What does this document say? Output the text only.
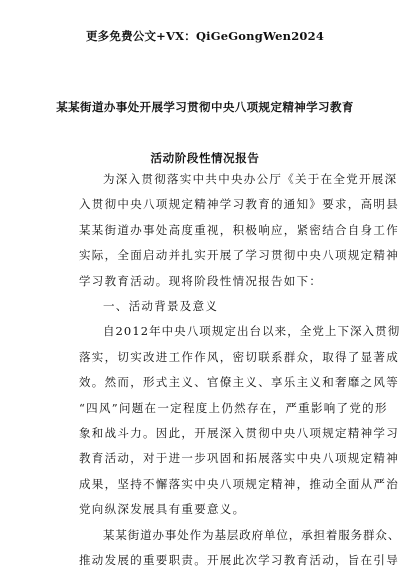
更多免费公文+VX：QiGeGongWen2024
某某街道办事处开展学习贯彻中央八项规定精神学习教育
活动阶段性情况报告
为深入贯彻落实中共中央办公厅《关于在全党开展深
入贯彻中央八项规定精神学习教育的通知》要求，高明县
某某街道办事处高度重视，积极响应，紧密结合自身工作
实际，全面启动并扎实开展了学习贯彻中央八项规定精神
学习教育活动。现将阶段性情况报告如下：
一、活动背景及意义
自2012年中央八项规定出台以来，全党上下深入贯彻
落实，切实改进工作作风，密切联系群众，取得了显著成
效。然而，形式主义、官僚主义、享乐主义和奢靡之风等
“四风”问题在一定程度上仍然存在，严重影响了党的形
象和战斗力。因此，开展深入贯彻中央八项规定精神学习
教育活动，对于进一步巩固和拓展落实中央八项规定精神
成果，坚持不懈落实中央八项规定精神，推动全面从严治
党向纵深发展具有重要意义。
某某街道办事处作为基层政府单位，承担着服务群众、
推动发展的重要职责。开展此次学习教育活动，旨在引导
